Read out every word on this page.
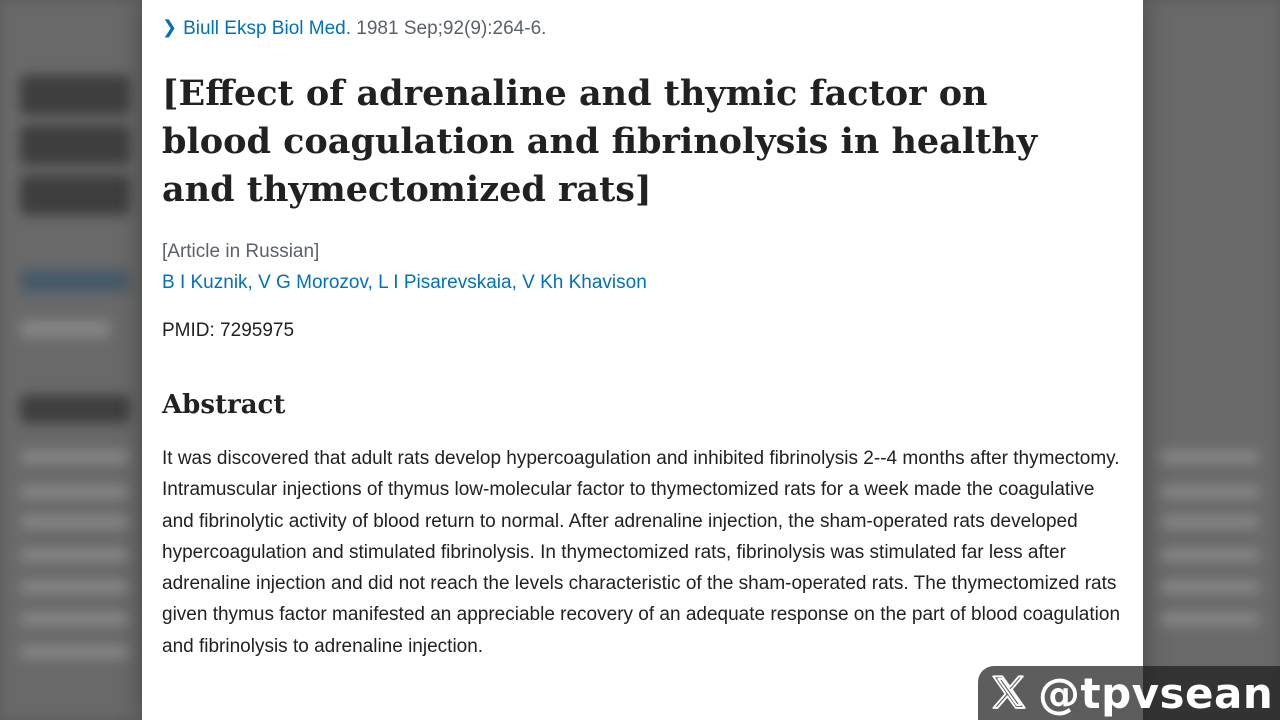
❯ Biull Eksp Biol Med. 1981 Sep;92(9):264-6.
[Effect of adrenaline and thymic factor on blood coagulation and fibrinolysis in healthy and thymectomized rats]
[Article in Russian]
B I Kuznik, V G Morozov, L I Pisarevskaia, V Kh Khavison
PMID: 7295975
Abstract

It was discovered that adult rats develop hypercoagulation and inhibited fibrinolysis 2--4 months after thymectomy. Intramuscular injections of thymus low-molecular factor to thymectomized rats for a week made the coagulative and fibrinolytic activity of blood return to normal. After adrenaline injection, the sham-operated rats developed hypercoagulation and stimulated fibrinolysis. In thymectomized rats, fibrinolysis was stimulated far less after adrenaline injection and did not reach the levels characteristic of the sham-operated rats. The thymectomized rats given thymus factor manifested an appreciable recovery of an adequate response on the part of blood coagulation and fibrinolysis to adrenaline injection.

@tpvsean
